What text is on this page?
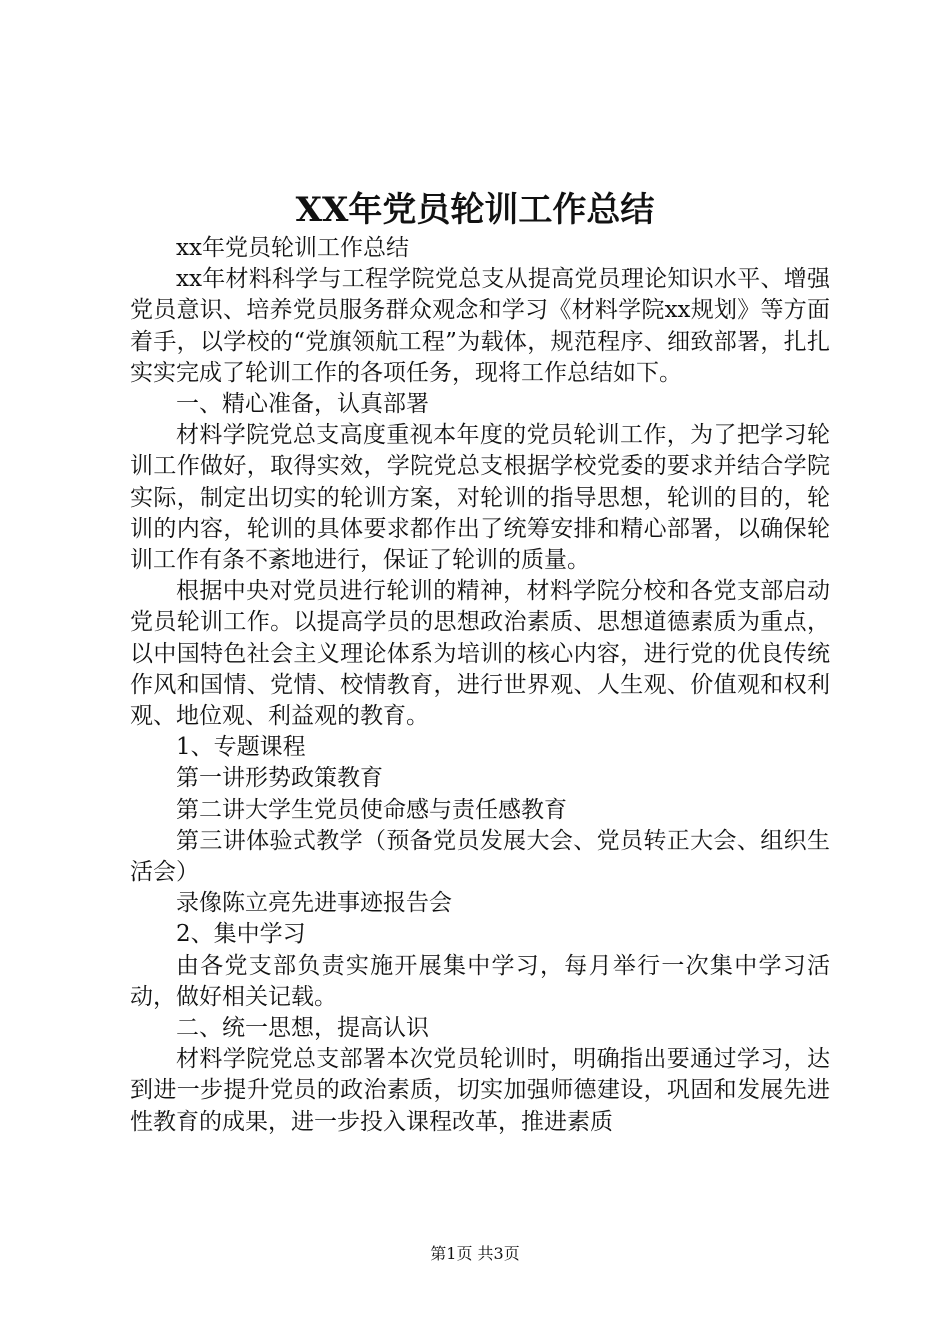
XX年党员轮训工作总结

xx年党员轮训工作总结

xx年材料科学与工程学院党总支从提高党员理论知识水平、增强党员意识、培养党员服务群众观念和学习《材料学院xx规划》等方面着手，以学校的“党旗领航工程”为载体，规范程序、细致部署，扎扎实实完成了轮训工作的各项任务，现将工作总结如下。

一、精心准备，认真部署

材料学院党总支高度重视本年度的党员轮训工作，为了把学习轮训工作做好，取得实效，学院党总支根据学校党委的要求并结合学院实际，制定出切实的轮训方案，对轮训的指导思想，轮训的目的，轮训的内容，轮训的具体要求都作出了统筹安排和精心部署，以确保轮训工作有条不紊地进行，保证了轮训的质量。

根据中央对党员进行轮训的精神，材料学院分校和各党支部启动党员轮训工作。以提高学员的思想政治素质、思想道德素质为重点，以中国特色社会主义理论体系为培训的核心内容，进行党的优良传统作风和国情、党情、校情教育，进行世界观、人生观、价值观和权利观、地位观、利益观的教育。

1、专题课程

第一讲形势政策教育

第二讲大学生党员使命感与责任感教育

第三讲体验式教学（预备党员发展大会、党员转正大会、组织生活会）

录像陈立亮先进事迹报告会

2、集中学习

由各党支部负责实施开展集中学习，每月举行一次集中学习活动，做好相关记载。

二、统一思想，提高认识

材料学院党总支部署本次党员轮训时，明确指出要通过学习，达到进一步提升党员的政治素质，切实加强师德建设，巩固和发展先进性教育的成果，进一步投入课程改革，推进素质

第1页 共3页
